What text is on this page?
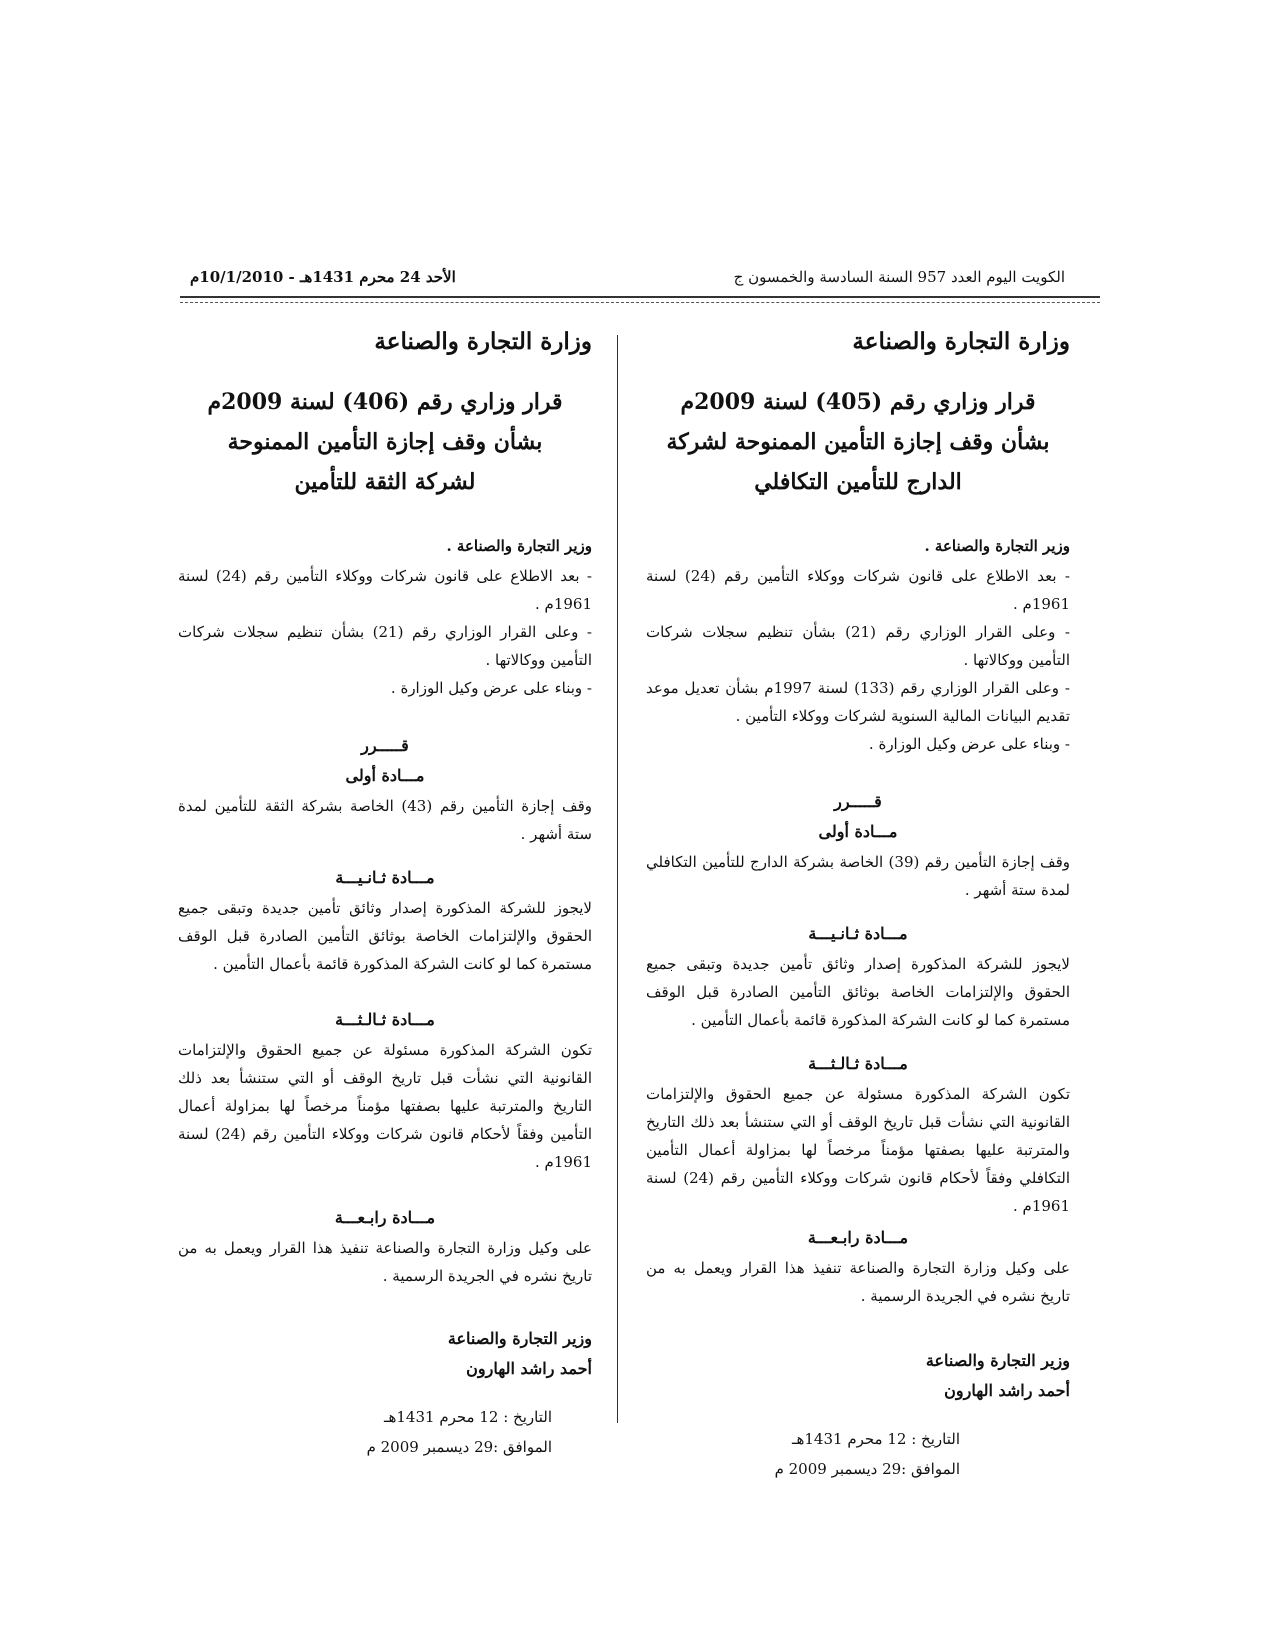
الكويت اليوم العدد 957 السنة السادسة والخمسون ج
الأحد 24 محرم 1431هـ - 10/1/2010م
وزارة التجارة والصناعة
قرار وزاري رقم (405) لسنة 2009م
بشأن وقف إجازة التأمين الممنوحة لشركة
الدارج للتأمين التكافلي
وزير التجارة والصناعة .
- بعد الاطلاع على قانون شركات ووكلاء التأمين رقم (24) لسنة 1961م .
- وعلى القرار الوزاري رقم (21) بشأن تنظيم سجلات شركات التأمين ووكالاتها .
- وعلى القرار الوزاري رقم (133) لسنة 1997م بشأن تعديل موعد تقديم البيانات المالية السنوية لشركات ووكلاء التأمين .
- وبناء على عرض وكيل الوزارة .
قـــــرر
مـــادة أولى
وقف إجازة التأمين رقم (39) الخاصة بشركة الدارج للتأمين التكافلي لمدة ستة أشهر .
مـــادة ثـانـيـــة
لايجوز للشركة المذكورة إصدار وثائق تأمين جديدة وتبقى جميع الحقوق والإلتزامات الخاصة بوثائق التأمين الصادرة قبل الوقف مستمرة كما لو كانت الشركة المذكورة قائمة بأعمال التأمين .
مـــادة ثـالـثـــة
تكون الشركة المذكورة مسئولة عن جميع الحقوق والإلتزامات القانونية التي نشأت قبل تاريخ الوقف أو التي ستنشأ بعد ذلك التاريخ والمترتبة عليها بصفتها مؤمناً مرخصاً لها بمزاولة أعمال التأمين التكافلي وفقاً لأحكام قانون شركات ووكلاء التأمين رقم (24) لسنة 1961م .
مـــادة رابـعـــة
على وكيل وزارة التجارة والصناعة تنفيذ هذا القرار ويعمل به من تاريخ نشره في الجريدة الرسمية .
وزير التجارة والصناعة
أحمد راشد الهارون
التاريخ : 12 محرم 1431هـ
الموافق :29 ديسمبر 2009 م
وزارة التجارة والصناعة
قرار وزاري رقم (406) لسنة 2009م
بشأن وقف إجازة التأمين الممنوحة
لشركة الثقة للتأمين
وزير التجارة والصناعة .
- بعد الاطلاع على قانون شركات ووكلاء التأمين رقم (24) لسنة 1961م .
- وعلى القرار الوزاري رقم (21) بشأن تنظيم سجلات شركات التأمين ووكالاتها .
- وبناء على عرض وكيل الوزارة .
قـــــرر
مـــادة أولى
وقف إجازة التأمين رقم (43) الخاصة بشركة الثقة للتأمين لمدة ستة أشهر .
مـــادة ثـانـيـــة
لايجوز للشركة المذكورة إصدار وثائق تأمين جديدة وتبقى جميع الحقوق والإلتزامات الخاصة بوثائق التأمين الصادرة قبل الوقف مستمرة كما لو كانت الشركة المذكورة قائمة بأعمال التأمين .
مـــادة ثـالـثـــة
تكون الشركة المذكورة مسئولة عن جميع الحقوق والإلتزامات القانونية التي نشأت قبل تاريخ الوقف أو التي ستنشأ بعد ذلك التاريخ والمترتبة عليها بصفتها مؤمناً مرخصاً لها بمزاولة أعمال التأمين وفقاً لأحكام قانون شركات ووكلاء التأمين رقم (24) لسنة 1961م .
مـــادة رابـعـــة
على وكيل وزارة التجارة والصناعة تنفيذ هذا القرار ويعمل به من تاريخ نشره في الجريدة الرسمية .
وزير التجارة والصناعة
أحمد راشد الهارون
التاريخ : 12 محرم 1431هـ
الموافق :29 ديسمبر 2009 م
